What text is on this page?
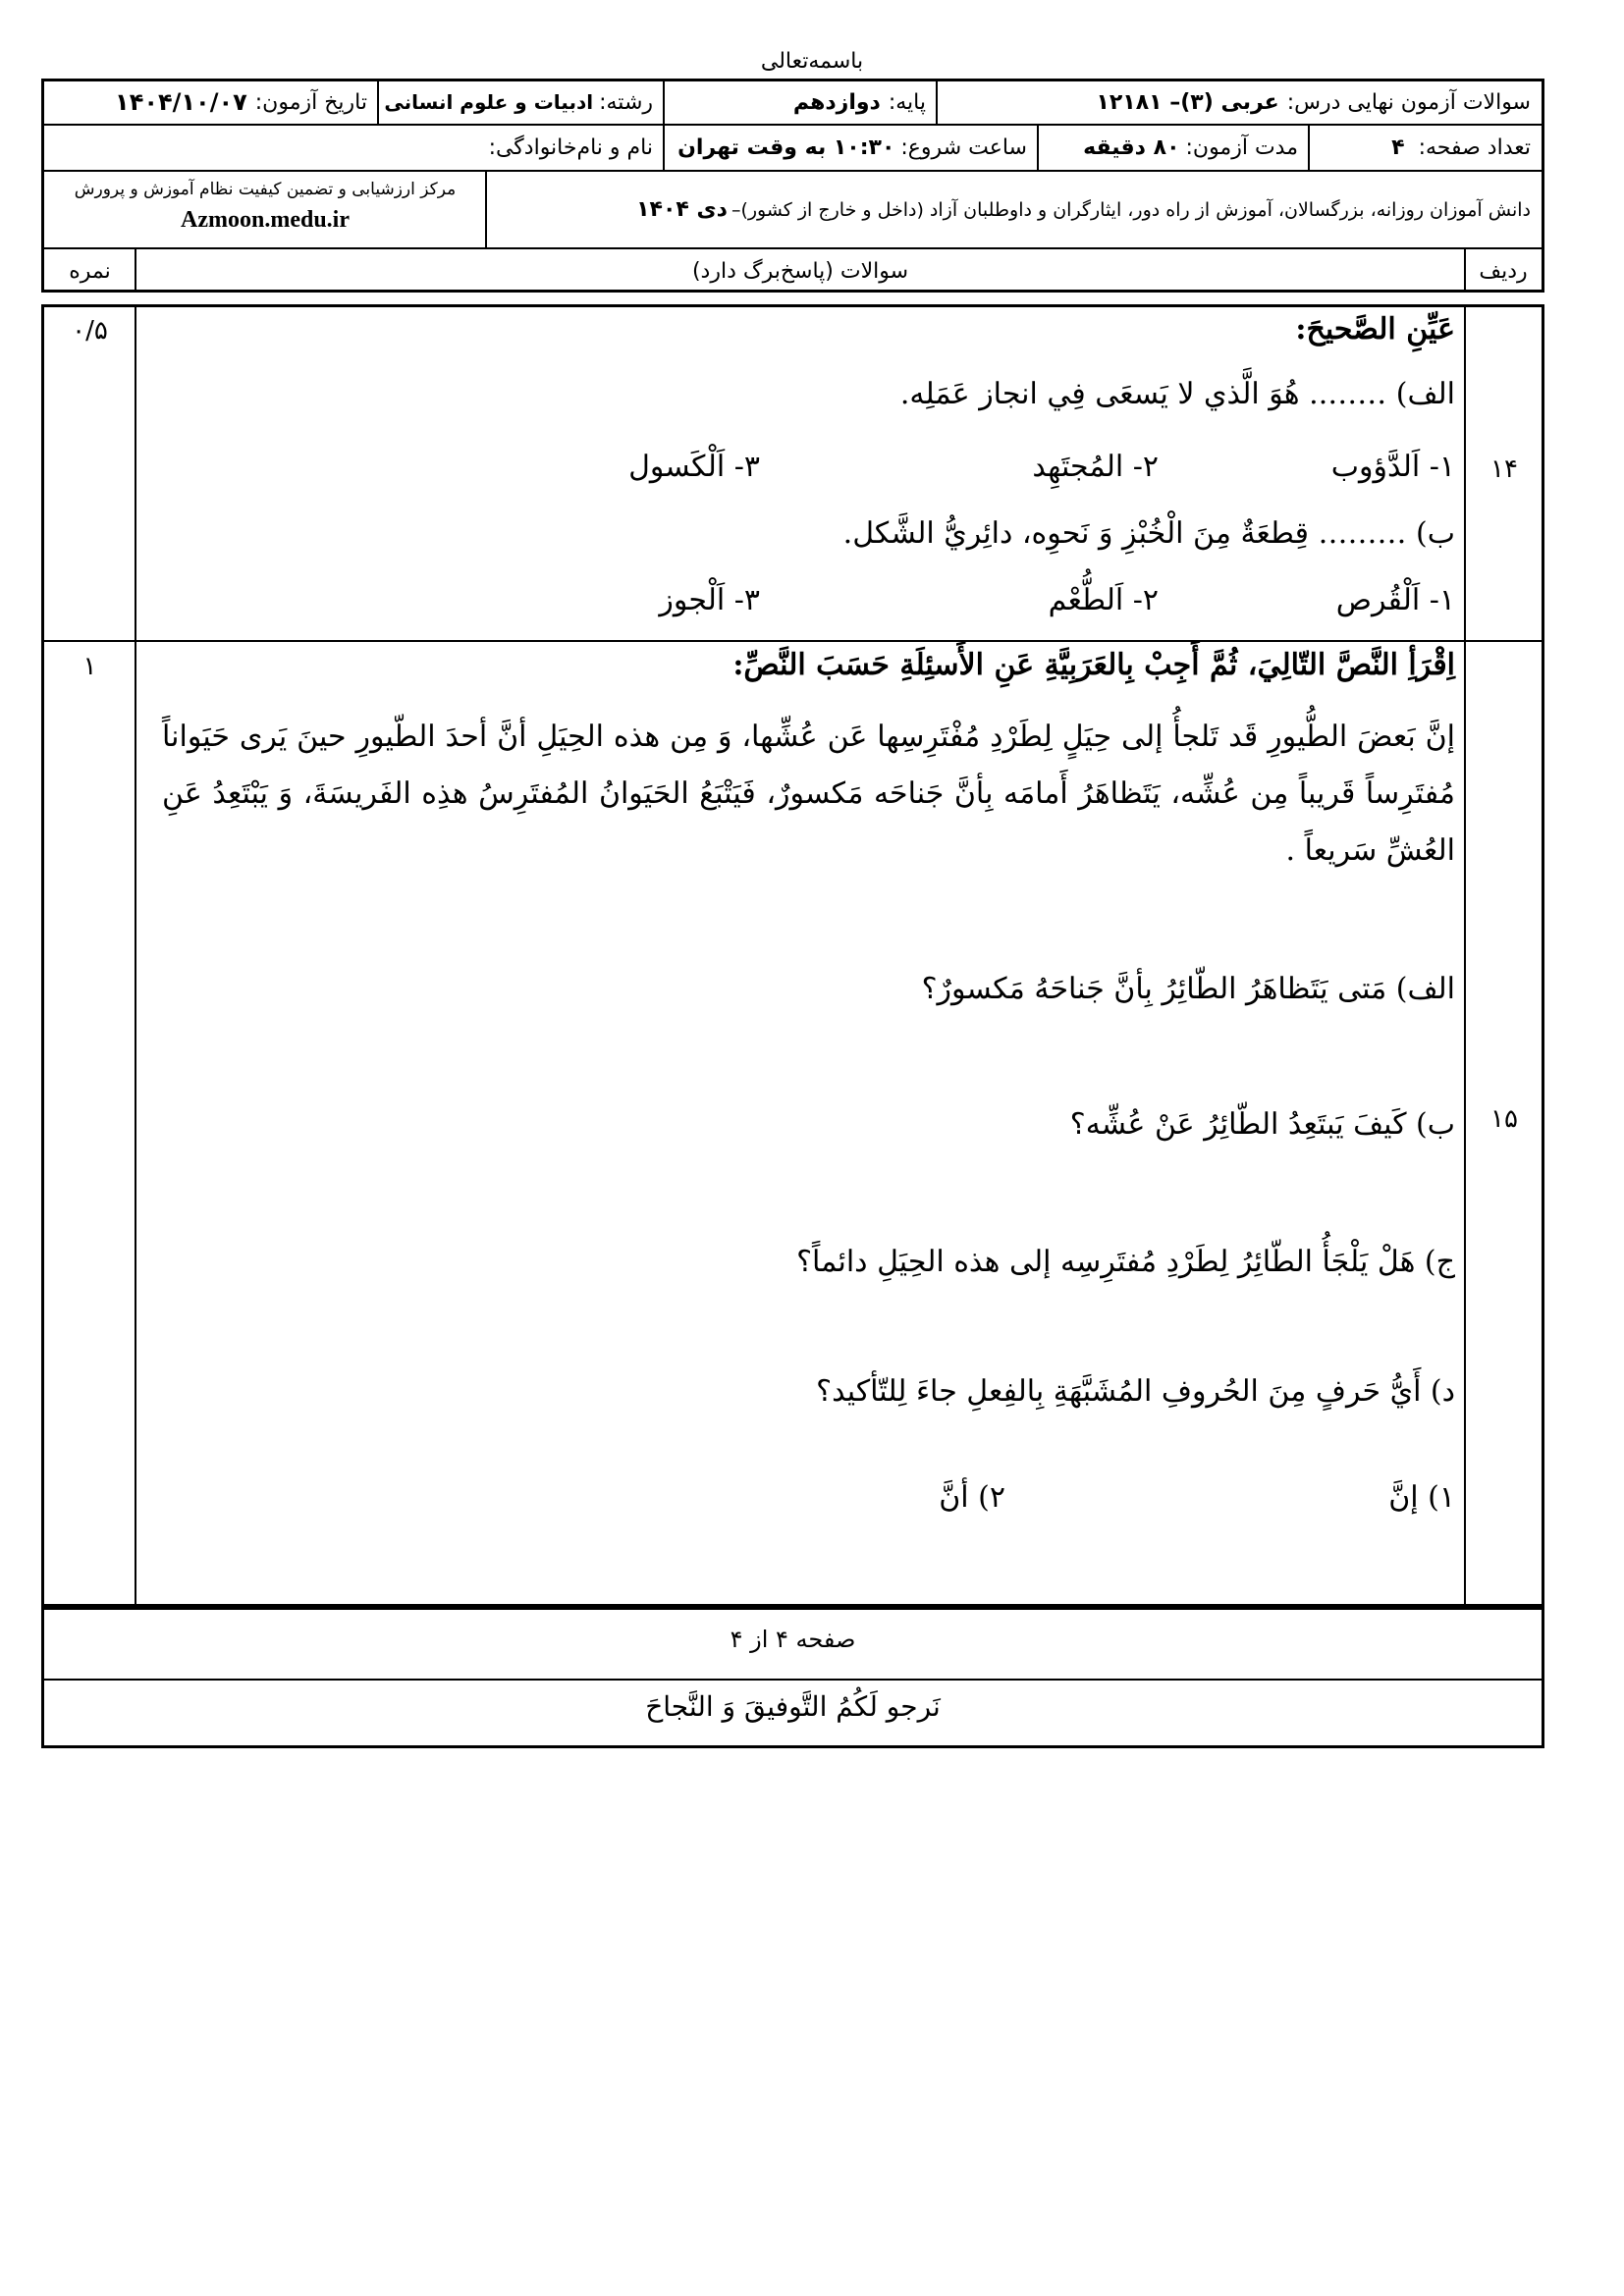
باسمه‌تعالی
سوالات آزمون نهایی درس:
عربی (۳)– ۱۲۱۸۱
پایه:
دوازدهم
رشته:
ادبیات و علوم انسانی
تاریخ آزمون:
۱۴۰۴/۱۰/۰۷
تعداد صفحه:
۴
مدت آزمون:
۸۰ دقیقه
ساعت شروع:
۱۰:۳۰ به وقت تهران
نام و نام‌خانوادگی:
دانش آموزان روزانه، بزرگسالان، آموزش از راه دور، ایثارگران و داوطلبان آزاد (داخل و خارج از کشور)–
دی ۱۴۰۴
مرکز ارزشیابی و تضمین کیفیت نظام آموزش و پرورش
Azmoon.medu.ir
ردیف
سوالات (پاسخ‌برگ دارد)
نمره
۰/۵
۱۴
عَیِّنِ الصَّحیحَ:
الف) …….. هُوَ الَّذي لا يَسعَى فِي انجاز عَمَلِه.
۱- اَلدَّؤوب
۲- المُجتَهِد
۳- اَلْکَسول
ب) ……… قِطعَةٌ مِنَ الْخُبْزِ وَ نَحوِه، دائِريُّ الشَّکل.
۱- اَلْقُرص
۲- اَلطُّعْم
۳- اَلْجوز
۱
۱۵
اِقْرَأِ النَّصَّ التّالِيَ، ثُمَّ أَجِبْ بِالعَرَبِيَّةِ عَنِ الأَسئِلَةِ حَسَبَ النَّصِّ:
إنَّ بَعضَ الطُّيورِ قَد تَلجأُ إلى حِيَلٍ لِطَرْدِ مُفْتَرِسِها عَن عُشِّها، وَ مِن هذه الحِيَلِ أنَّ أحدَ الطّيورِ حينَ يَرى حَيَواناً مُفتَرِساً قَريباً مِن عُشِّه، يَتَظاهَرُ أَمامَه بِأنَّ جَناحَه مَکسورٌ، فَيَتْبَعُ الحَيَوانُ المُفتَرِسُ هذِه الفَريسَةَ، وَ يَبْتَعِدُ عَنِ العُشِّ سَريعاً .
الف) مَتى يَتَظاهَرُ الطّائِرُ بِأنَّ جَناحَهُ مَكسورٌ؟
ب) كَيفَ يَبتَعِدُ الطّائِرُ عَنْ عُشِّه؟
ج) هَلْ يَلْجَأُ الطّائِرُ لِطَرْدِ مُفتَرِسِه إلى هذه الحِيَلِ دائماً؟
د) أَيُّ حَرفٍ مِنَ الحُروفِ المُشَبَّهَةِ بِالفِعلِ جاءَ لِلتّأكيد؟
۱) إنَّ
۲) أنَّ
صفحه ۴ از ۴
نَرجو لَکُمُ التَّوفيقَ وَ النَّجاحَ
